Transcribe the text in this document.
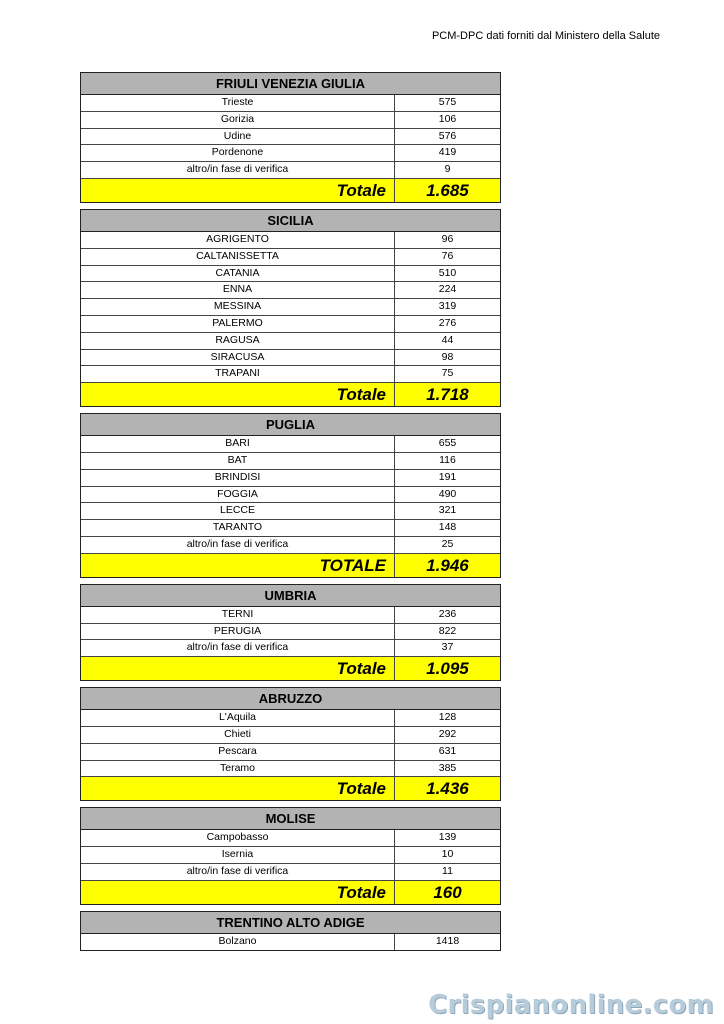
PCM-DPC dati forniti dal Ministero della Salute
FRIULI VENEZIA GIULIA
Trieste	575
Gorizia	106
Udine	576
Pordenone	419
altro/in fase di verifica	9
Totale	1.685
SICILIA
AGRIGENTO	96
CALTANISSETTA	76
CATANIA	510
ENNA	224
MESSINA	319
PALERMO	276
RAGUSA	44
SIRACUSA	98
TRAPANI	75
Totale	1.718
PUGLIA
BARI	655
BAT	116
BRINDISI	191
FOGGIA	490
LECCE	321
TARANTO	148
altro/in fase di verifica	25
TOTALE	1.946
UMBRIA
TERNI	236
PERUGIA	822
altro/in fase di verifica	37
Totale	1.095
ABRUZZO
L'Aquila	128
Chieti	292
Pescara	631
Teramo	385
Totale	1.436
MOLISE
Campobasso	139
Isernia	10
altro/in fase di verifica	11
Totale	160
TRENTINO ALTO ADIGE
Bolzano	1418
Crispianonline.com
